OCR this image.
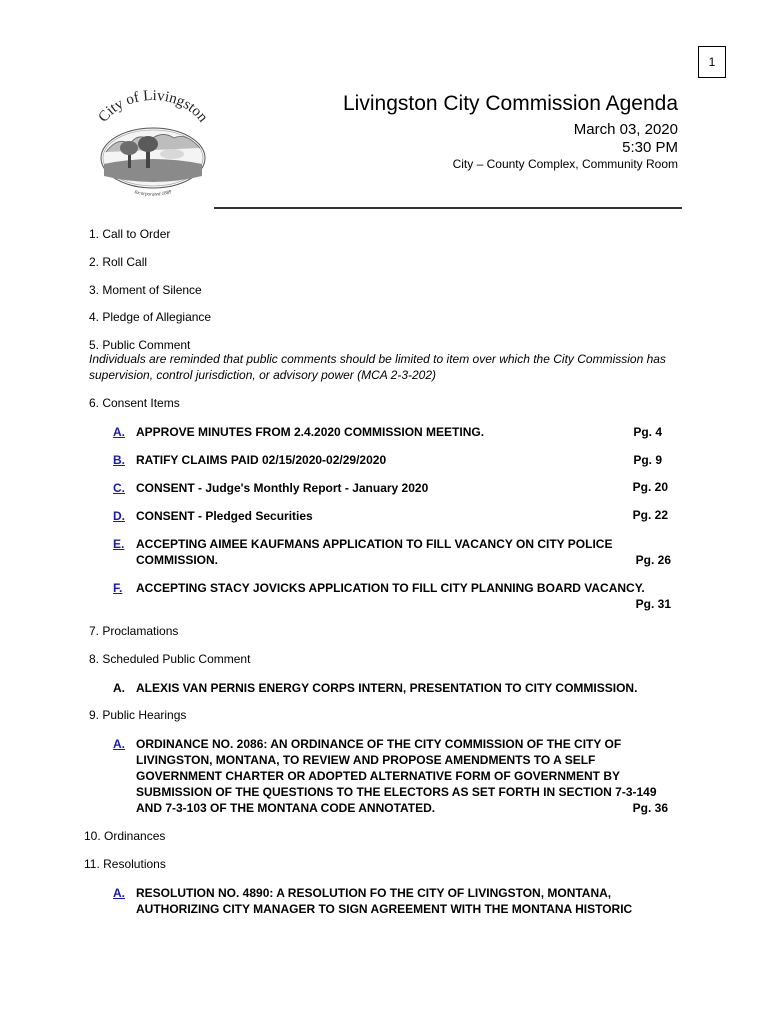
1
City of Livingston
Incorporated 1889
Livingston City Commission Agenda
March 03, 2020
5:30 PM
City – County Complex, Community Room
1. Call to Order
2. Roll Call
3. Moment of Silence
4. Pledge of Allegiance
5. Public Comment
Individuals are reminded that public comments should be limited to item over which the City Commission has
supervision, control jurisdiction, or advisory power (MCA 2-3-202)
6. Consent Items
A. APPROVE MINUTES FROM 2.4.2020 COMMISSION MEETING.	Pg. 4
B. RATIFY CLAIMS PAID 02/15/2020-02/29/2020	Pg. 9
C. CONSENT - Judge's Monthly Report - January 2020	Pg. 20
D. CONSENT - Pledged Securities	Pg. 22
E. ACCEPTING AIMEE KAUFMANS APPLICATION TO FILL VACANCY ON CITY POLICE
COMMISSION.	Pg. 26
F. ACCEPTING STACY JOVICKS APPLICATION TO FILL CITY PLANNING BOARD VACANCY.
Pg. 31
7. Proclamations
8. Scheduled Public Comment
A. ALEXIS VAN PERNIS ENERGY CORPS INTERN, PRESENTATION TO CITY COMMISSION.
9. Public Hearings
A. ORDINANCE NO. 2086: AN ORDINANCE OF THE CITY COMMISSION OF THE CITY OF
LIVINGSTON, MONTANA, TO REVIEW AND PROPOSE AMENDMENTS TO A SELF
GOVERNMENT CHARTER OR ADOPTED ALTERNATIVE FORM OF GOVERNMENT BY
SUBMISSION OF THE QUESTIONS TO THE ELECTORS AS SET FORTH IN SECTION 7-3-149
AND 7-3-103 OF THE MONTANA CODE ANNOTATED.	Pg. 36
10. Ordinances
11. Resolutions
A. RESOLUTION NO. 4890: A RESOLUTION FO THE CITY OF LIVINGSTON, MONTANA,
AUTHORIZING CITY MANAGER TO SIGN AGREEMENT WITH THE MONTANA HISTORIC
